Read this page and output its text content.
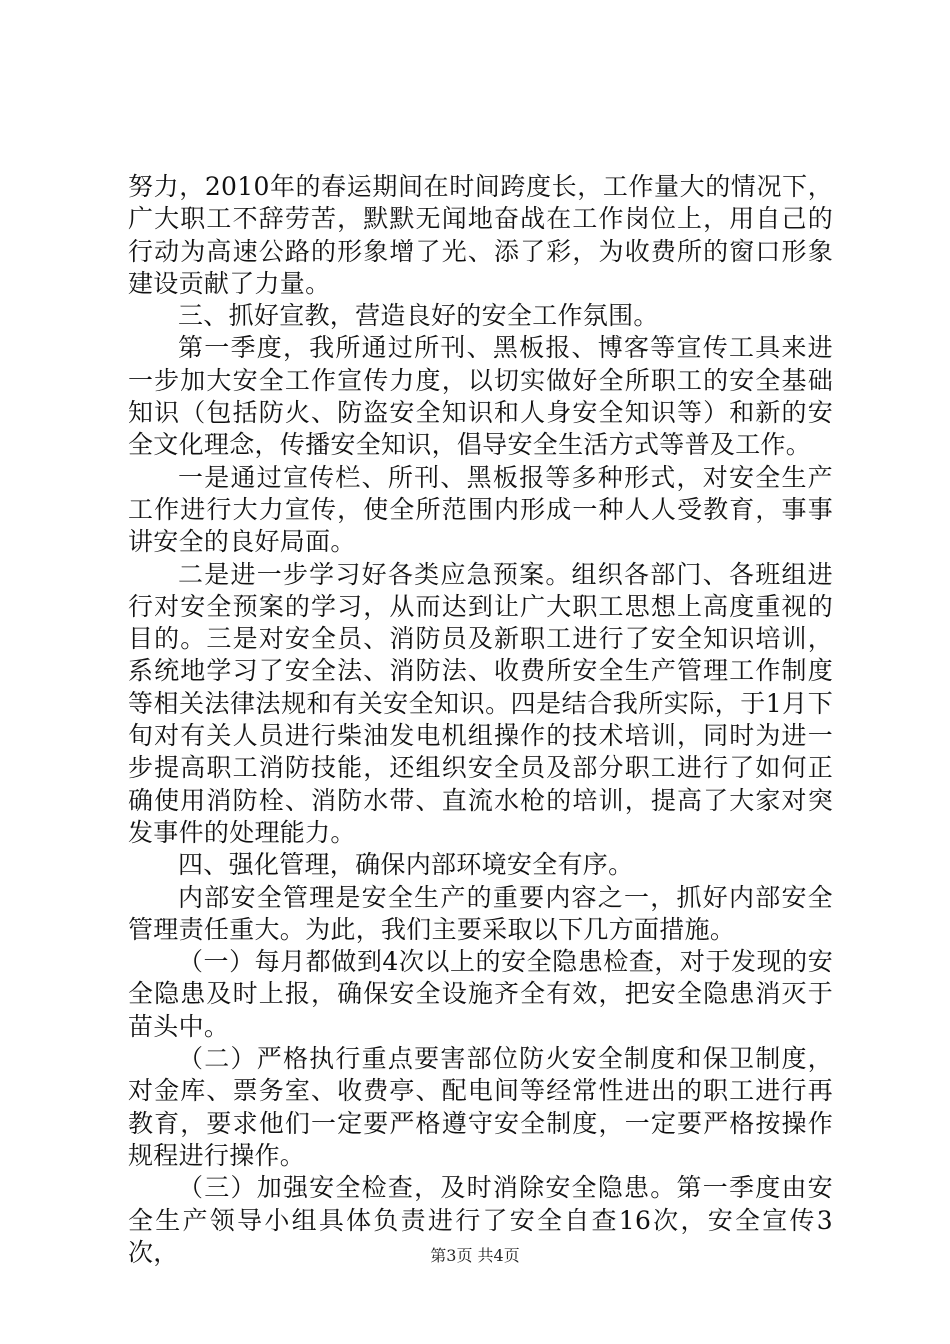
努力，2010年的春运期间在时间跨度长，工作量大的情况下，广大职工不辞劳苦，默默无闻地奋战在工作岗位上，用自己的行动为高速公路的形象增了光、添了彩，为收费所的窗口形象建设贡献了力量。

三、抓好宣教，营造良好的安全工作氛围。

第一季度，我所通过所刊、黑板报、博客等宣传工具来进一步加大安全工作宣传力度，以切实做好全所职工的安全基础知识（包括防火、防盗安全知识和人身安全知识等）和新的安全文化理念，传播安全知识，倡导安全生活方式等普及工作。

一是通过宣传栏、所刊、黑板报等多种形式，对安全生产工作进行大力宣传，使全所范围内形成一种人人受教育，事事讲安全的良好局面。

二是进一步学习好各类应急预案。组织各部门、各班组进行对安全预案的学习，从而达到让广大职工思想上高度重视的目的。三是对安全员、消防员及新职工进行了安全知识培训，系统地学习了安全法、消防法、收费所安全生产管理工作制度等相关法律法规和有关安全知识。四是结合我所实际，于1月下旬对有关人员进行柴油发电机组操作的技术培训，同时为进一步提高职工消防技能，还组织安全员及部分职工进行了如何正确使用消防栓、消防水带、直流水枪的培训，提高了大家对突发事件的处理能力。

四、强化管理，确保内部环境安全有序。

内部安全管理是安全生产的重要内容之一，抓好内部安全管理责任重大。为此，我们主要采取以下几方面措施。

（一）每月都做到4次以上的安全隐患检查，对于发现的安全隐患及时上报，确保安全设施齐全有效，把安全隐患消灭于苗头中。

（二）严格执行重点要害部位防火安全制度和保卫制度，对金库、票务室、收费亭、配电间等经常性进出的职工进行再教育，要求他们一定要严格遵守安全制度，一定要严格按操作规程进行操作。

（三）加强安全检查，及时消除安全隐患。第一季度由安全生产领导小组具体负责进行了安全自查16次，安全宣传3次，	第3页 共4页
